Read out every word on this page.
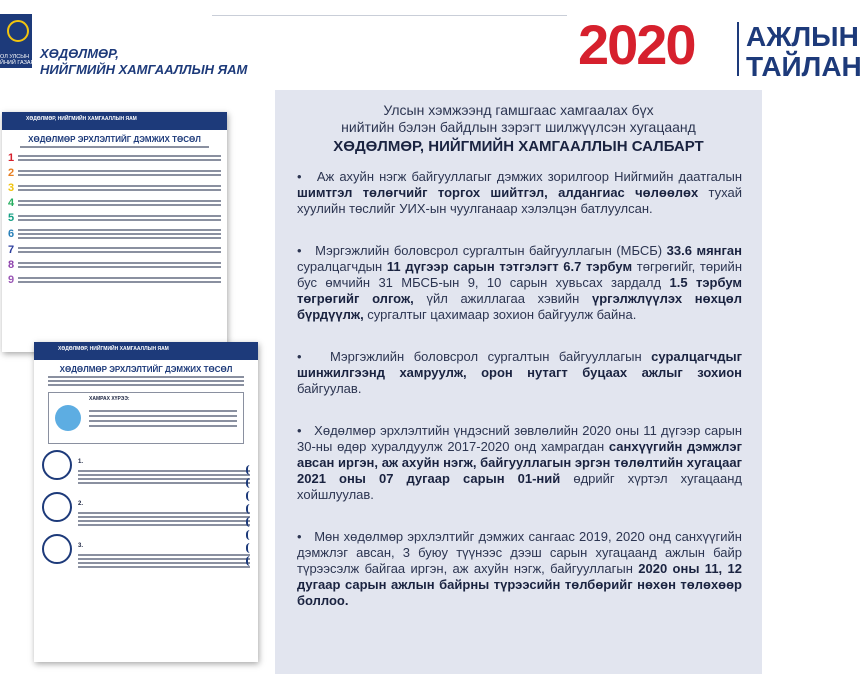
ОЛ УЛСЫН ЙНИЙ ГАЗАР
ХӨДӨЛМӨР,
НИЙГМИЙН ХАМГААЛЛЫН ЯАМ	2020 АЖЛЫН
ТАЙЛАН
ХӨДӨЛМӨР, НИЙГМИЙН ХАМГААЛЛЫН ЯАМ
ХӨДӨЛМӨР ЭРХЛЭЛТИЙГ ДЭМЖИХ ТӨСӨЛ
1
2
3
4
5
6
7
8
9
ХӨДӨЛМӨР, НИЙГМИЙН ХАМГААЛЛЫН ЯАМ
ХӨДӨЛМӨР ЭРХЛЭЛТИЙГ ДЭМЖИХ ТӨСӨЛ
ХАМРАХ ХҮРЭЭ:
1.
2.
3.
Улсын хэмжээнд гамшгаас хамгаалах бүх
нийтийн бэлэн байдлын зэрэгт шилжүүлсэн хугацаанд
ХӨДӨЛМӨР, НИЙГМИЙН ХАМГААЛЛЫН САЛБАРТ
•   Аж ахуйн нэгж байгууллагыг дэмжих зорилгоор Нийгмийн даатгалын шимтгэл төлөгчийг торгох шийтгэл, алдангиас чөлөөлөх тухай хуулийн төслийг УИХ-ын чуулганаар хэлэлцэн батлуулсан.
•   Мэргэжлийн боловсрол сургалтын байгууллагын (МБСБ) 33.6 мянган суралцагчдын 11 дүгээр сарын тэтгэлэгт 6.7 тэрбум төгрөгийг, төрийн бус өмчийн 31 МБСБ-ын 9, 10 сарын хувьсах зардалд 1.5 тэрбум төгрөгийг олгож, үйл ажиллагаа хэвийн үргэлжлүүлэх нөхцөл бүрдүүлж, сургалтыг цахимаар зохион байгуулж байна.
•   Мэргэжлийн боловсрол сургалтын байгууллагын суралцагчдыг шинжилгээнд хамруулж, орон нутагт буцаах ажлыг зохион байгуулав.
•   Хөдөлмөр эрхлэлтийн үндэсний зөвлөлийн 2020 оны 11 дүгээр сарын 30-ны өдөр хуралдуулж 2017-2020 онд хамрагдан санхүүгийн дэмжлэг авсан иргэн, аж ахуйн нэгж, байгууллагын эргэн төлөлтийн хугацааг 2021 оны 07 дугаар сарын 01-ний өдрийг хүртэл хугацаанд хойшлуулав.
•   Мөн хөдөлмөр эрхлэлтийг дэмжих сангаас 2019, 2020 онд санхүүгийн дэмжлэг авсан, 3 буюу түүнээс дээш сарын хугацаанд ажлын байр түрээсэлж байгаа иргэн, аж ахуйн нэгж, байгууллагын 2020 оны 11, 12 дугаар сарын ажлын байрны түрээсийн төлбөрийг нөхөн төлөхөөр боллоо.
